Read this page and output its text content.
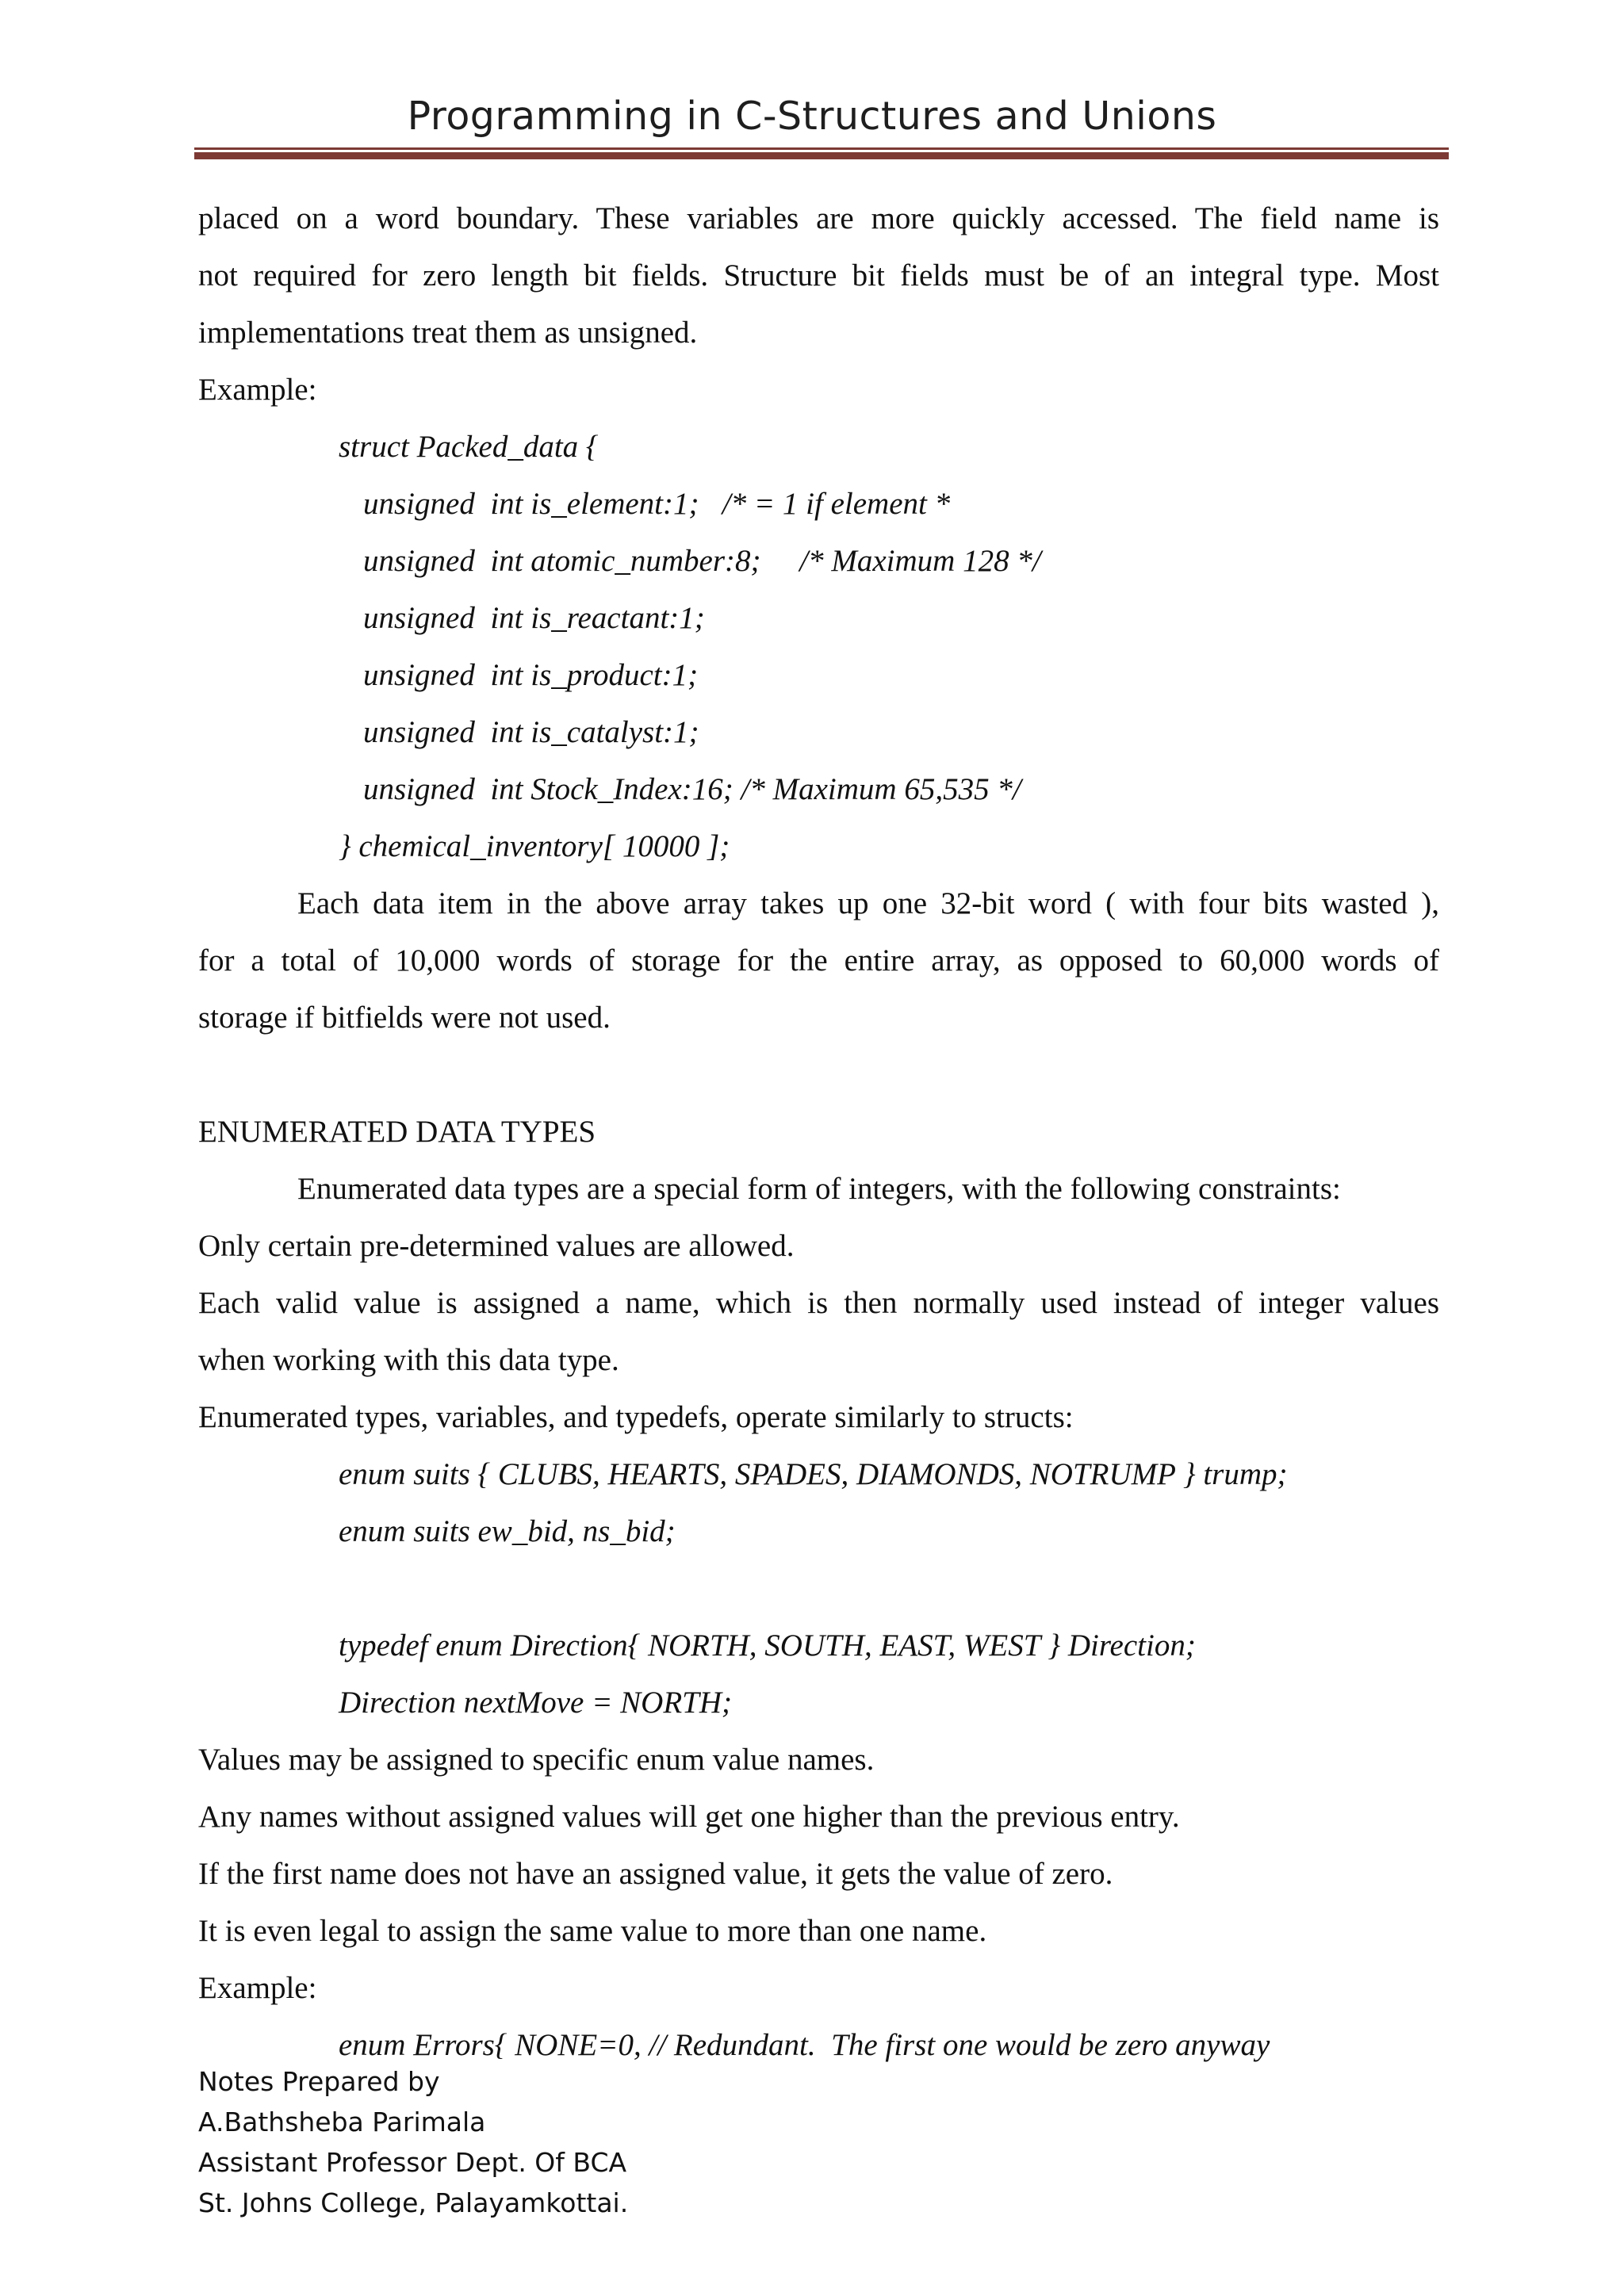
Programming in C-Structures and Unions

placed on a word boundary. These variables are more quickly accessed. The field name is

not required for zero length bit fields. Structure bit fields must be of an integral type. Most

implementations treat them as unsigned.

Example:

struct Packed_data {

unsigned  int is_element:1;   /* = 1 if element *

unsigned  int atomic_number:8;     /* Maximum 128 */

unsigned  int is_reactant:1;

unsigned  int is_product:1;

unsigned  int is_catalyst:1;

unsigned  int Stock_Index:16; /* Maximum 65,535 */

} chemical_inventory[ 10000 ];

Each data item in the above array takes up one 32-bit word ( with four bits wasted ),

for a total of 10,000 words of storage for the entire array, as opposed to 60,000 words of

storage if bitfields were not used.

ENUMERATED DATA TYPES

Enumerated data types are a special form of integers, with the following constraints:

Only certain pre-determined values are allowed.

Each valid value is assigned a name, which is then normally used instead of integer values

when working with this data type.

Enumerated types, variables, and typedefs, operate similarly to structs:

enum suits { CLUBS, HEARTS, SPADES, DIAMONDS, NOTRUMP } trump;

enum suits ew_bid, ns_bid;

typedef enum Direction{ NORTH, SOUTH, EAST, WEST } Direction;

Direction nextMove = NORTH;

Values may be assigned to specific enum value names.

Any names without assigned values will get one higher than the previous entry.

If the first name does not have an assigned value, it gets the value of zero.

It is even legal to assign the same value to more than one name.

Example:

enum Errors{ NONE=0, // Redundant.  The first one would be zero anyway

Notes Prepared by
A.Bathsheba Parimala
Assistant Professor Dept. Of BCA
St. Johns College, Palayamkottai.
